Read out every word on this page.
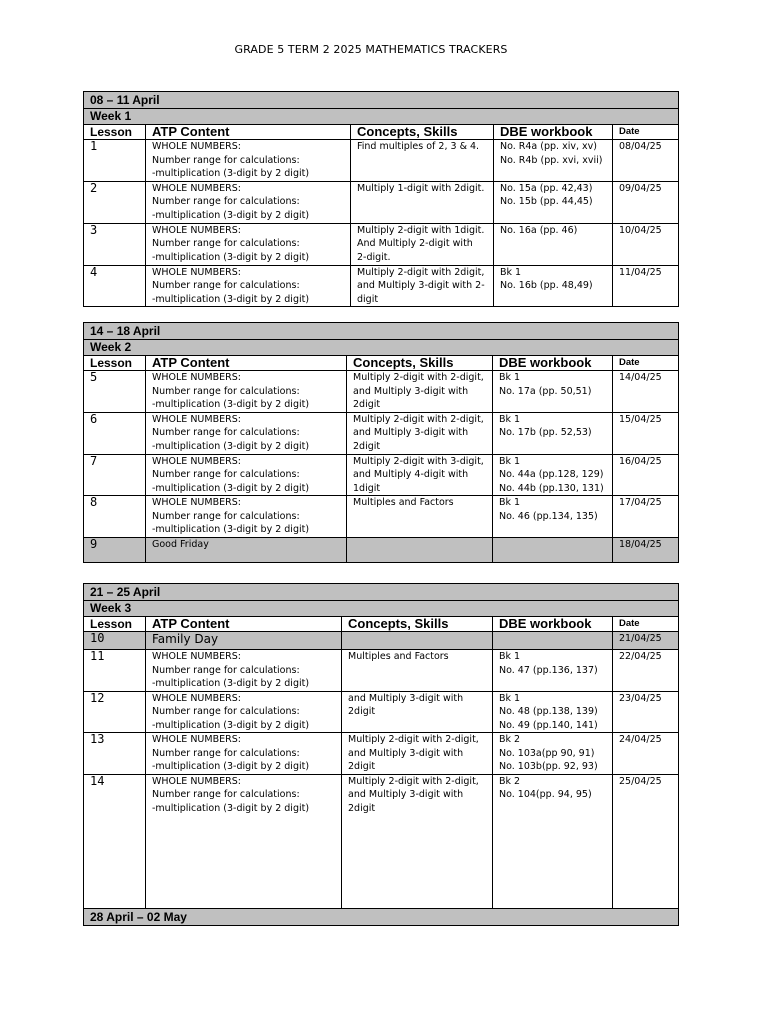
GRADE 5 TERM 2 2025 MATHEMATICS TRACKERS
08 – 11 April				
Week 1				
Lesson	ATP Content	Concepts, Skills	DBE workbook	Date
1	WHOLE NUMBERS:
Number range for calculations:
-multiplication (3-digit by 2 digit)	Find multiples of 2, 3 & 4.	No. R4a (pp. xiv, xv)
No. R4b (pp. xvi, xvii)	08/04/25
2	WHOLE NUMBERS:
Number range for calculations:
-multiplication (3-digit by 2 digit)	Multiply 1-digit with 2digit.	No. 15a (pp. 42,43)
No. 15b (pp. 44,45)	09/04/25
3	WHOLE NUMBERS:
Number range for calculations:
-multiplication (3-digit by 2 digit)	Multiply 2-digit with 1digit.
And Multiply 2-digit with
2-digit.	No. 16a (pp. 46)	10/04/25
4	WHOLE NUMBERS:
Number range for calculations:
-multiplication (3-digit by 2 digit)	Multiply 2-digit with 2digit,
and Multiply 3-digit with 2-
digit	Bk 1
No. 16b (pp. 48,49)	11/04/25
14 – 18 April				
Week 2				
Lesson	ATP Content	Concepts, Skills	DBE workbook	Date
5	WHOLE NUMBERS:
Number range for calculations:
-multiplication (3-digit by 2 digit)	Multiply 2-digit with 2-digit,
and Multiply 3-digit with
2digit	Bk 1
No. 17a (pp. 50,51)	14/04/25
6	WHOLE NUMBERS:
Number range for calculations:
-multiplication (3-digit by 2 digit)	Multiply 2-digit with 2-digit,
and Multiply 3-digit with
2digit	Bk 1
No. 17b (pp. 52,53)	15/04/25
7	WHOLE NUMBERS:
Number range for calculations:
-multiplication (3-digit by 2 digit)	Multiply 2-digit with 3-digit,
and Multiply 4-digit with
1digit	Bk 1
No. 44a (pp.128, 129)
No. 44b (pp.130, 131)	16/04/25
8	WHOLE NUMBERS:
Number range for calculations:
-multiplication (3-digit by 2 digit)	Multiples and Factors	Bk 1
No. 46 (pp.134, 135)	17/04/25
9	Good Friday			18/04/25
21 – 25 April				
Week 3				
Lesson	ATP Content	Concepts, Skills	DBE workbook	Date
10	Family Day			21/04/25
11	WHOLE NUMBERS:
Number range for calculations:
-multiplication (3-digit by 2 digit)	Multiples and Factors	Bk 1
No. 47 (pp.136, 137)	22/04/25
12	WHOLE NUMBERS:
Number range for calculations:
-multiplication (3-digit by 2 digit)	and Multiply 3-digit with
2digit	Bk 1
No. 48 (pp.138, 139)
No. 49 (pp.140, 141)	23/04/25
13	WHOLE NUMBERS:
Number range for calculations:
-multiplication (3-digit by 2 digit)	Multiply 2-digit with 2-digit,
and Multiply 3-digit with
2digit	Bk 2
No. 103a(pp 90, 91)
No. 103b(pp. 92, 93)	24/04/25
14	WHOLE NUMBERS:
Number range for calculations:
-multiplication (3-digit by 2 digit)	Multiply 2-digit with 2-digit,
and Multiply 3-digit with
2digit	Bk 2
No. 104(pp. 94, 95)	25/04/25
28 April – 02 May				
